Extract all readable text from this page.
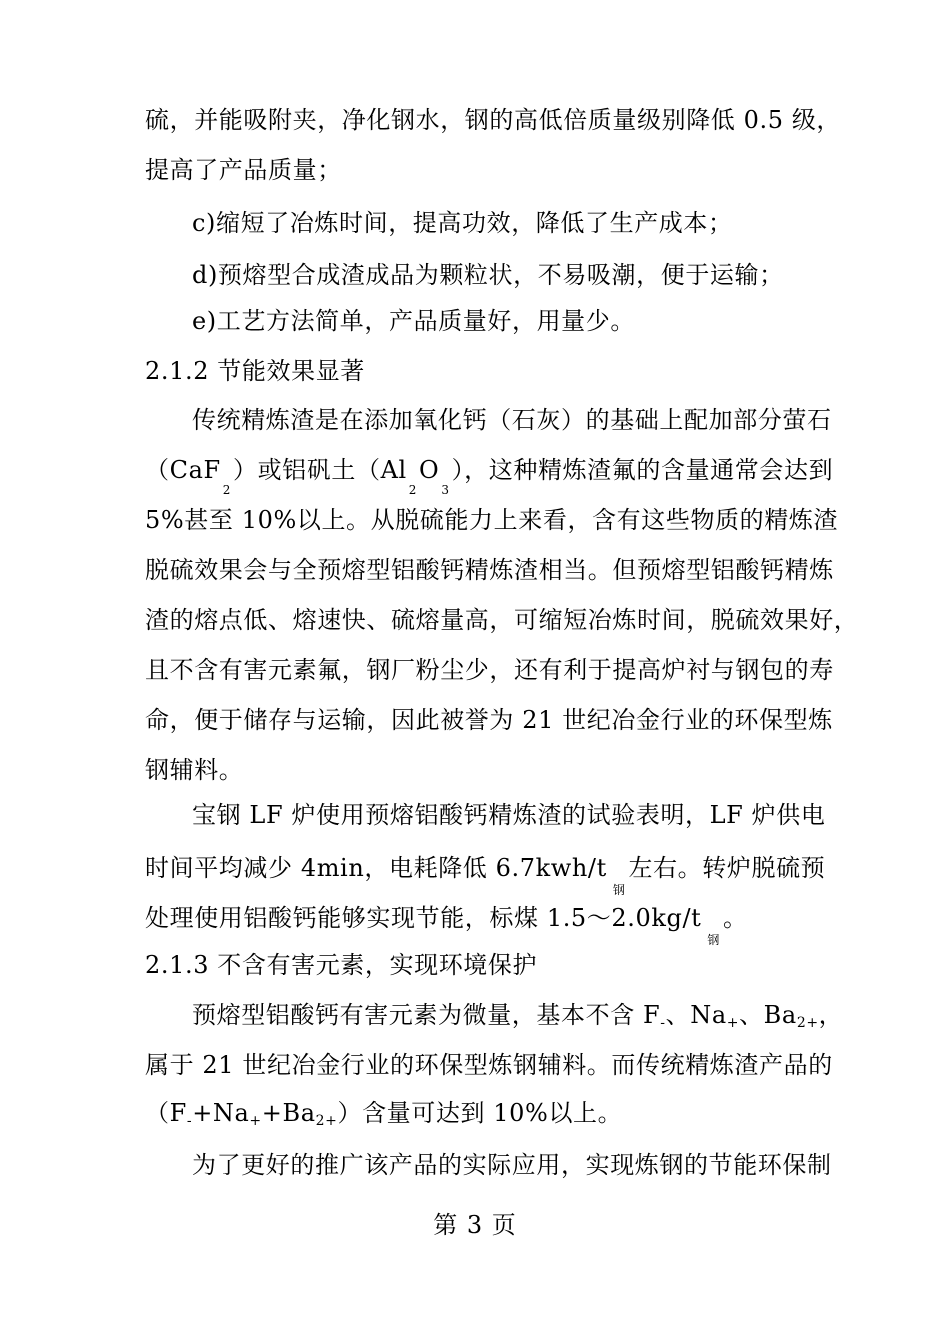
硫，并能吸附夹，净化钢水，钢的高低倍质量级别降低 0.5 级，
提高了产品质量；
c)缩短了冶炼时间，提高功效，降低了生产成本；
d)预熔型合成渣成品为颗粒状，不易吸潮，便于运输；
e)工艺方法简单，产品质量好，用量少。
2.1.2 节能效果显著
传统精炼渣是在添加氧化钙（石灰）的基础上配加部分萤石
（CaF2）或铝矾土（Al2O3），这种精炼渣氟的含量通常会达到
5%甚至 10%以上。从脱硫能力上来看，含有这些物质的精炼渣
脱硫效果会与全预熔型铝酸钙精炼渣相当。但预熔型铝酸钙精炼
渣的熔点低、熔速快、硫熔量高，可缩短冶炼时间，脱硫效果好，
且不含有害元素氟，钢厂粉尘少，还有利于提高炉衬与钢包的寿
命，便于储存与运输，因此被誉为 21 世纪冶金行业的环保型炼
钢辅料。
宝钢 LF 炉使用预熔铝酸钙精炼渣的试验表明，LF 炉供电
时间平均减少 4min，电耗降低 6.7kwh/t钢左右。转炉脱硫预
处理使用铝酸钙能够实现节能，标煤 1.5～2.0kg/t钢。
2.1.3 不含有害元素，实现环境保护
预熔型铝酸钙有害元素为微量，基本不含 F-、Na+、Ba2+，
属于 21 世纪冶金行业的环保型炼钢辅料。而传统精炼渣产品的
（F-+Na++Ba2+）含量可达到 10%以上。
为了更好的推广该产品的实际应用，实现炼钢的节能环保制
第 3 页
